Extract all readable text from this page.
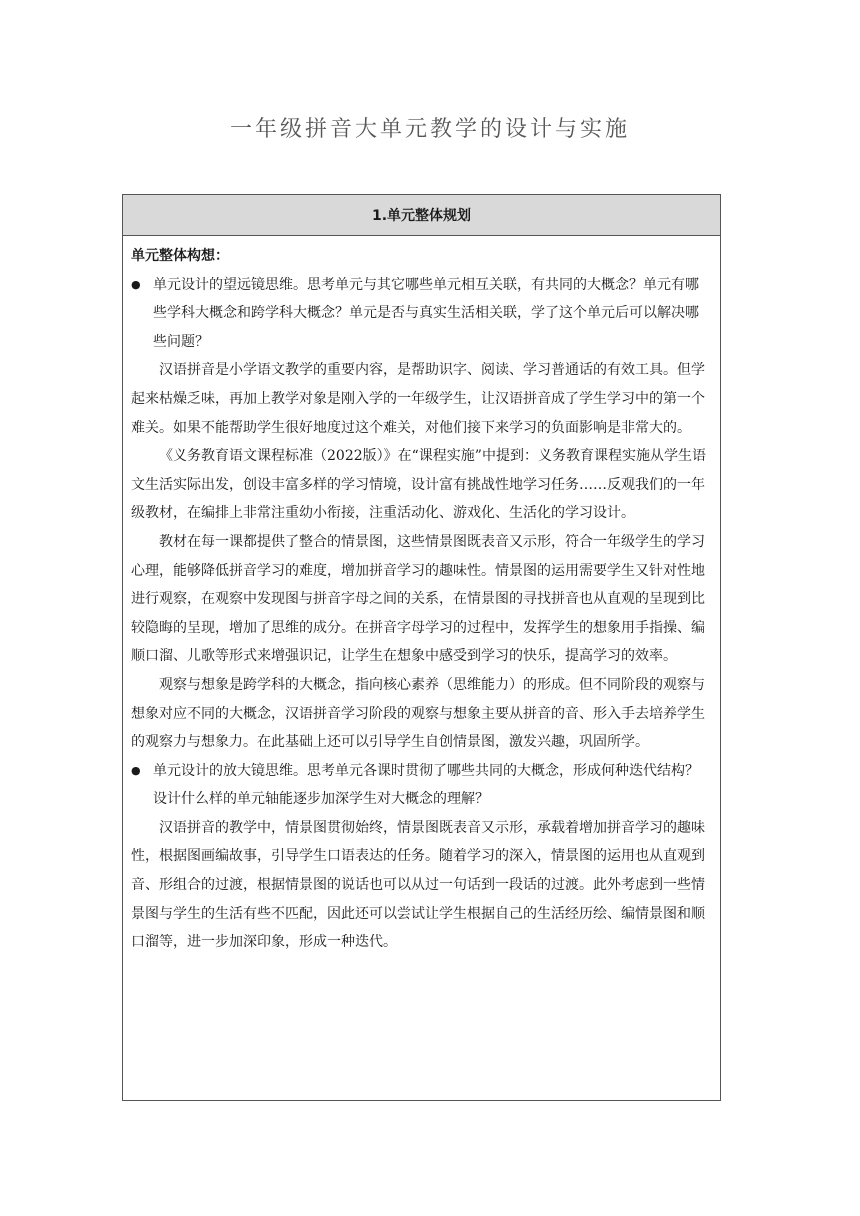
一年级拼音大单元教学的设计与实施
1.单元整体规划

单元整体构想：

● 单元设计的望远镜思维。思考单元与其它哪些单元相互关联，有共同的大概念？单元有哪些学科大概念和跨学科大概念？单元是否与真实生活相关联，学了这个单元后可以解决哪些问题？

汉语拼音是小学语文教学的重要内容，是帮助识字、阅读、学习普通话的有效工具。但学起来枯燥乏味，再加上教学对象是刚入学的一年级学生，让汉语拼音成了学生学习中的第一个难关。如果不能帮助学生很好地度过这个难关，对他们接下来学习的负面影响是非常大的。

《义务教育语文课程标准（2022版）》在“课程实施”中提到：义务教育课程实施从学生语文生活实际出发，创设丰富多样的学习情境，设计富有挑战性地学习任务……反观我们的一年级教材，在编排上非常注重幼小衔接，注重活动化、游戏化、生活化的学习设计。

教材在每一课都提供了整合的情景图，这些情景图既表音又示形，符合一年级学生的学习心理，能够降低拼音学习的难度，增加拼音学习的趣味性。情景图的运用需要学生又针对性地进行观察，在观察中发现图与拼音字母之间的关系，在情景图的寻找拼音也从直观的呈现到比较隐晦的呈现，增加了思维的成分。在拼音字母学习的过程中，发挥学生的想象用手指操、编顺口溜、儿歌等形式来增强识记，让学生在想象中感受到学习的快乐，提高学习的效率。

观察与想象是跨学科的大概念，指向核心素养（思维能力）的形成。但不同阶段的观察与想象对应不同的大概念，汉语拼音学习阶段的观察与想象主要从拼音的音、形入手去培养学生的观察力与想象力。在此基础上还可以引导学生自创情景图，激发兴趣，巩固所学。

● 单元设计的放大镜思维。思考单元各课时贯彻了哪些共同的大概念，形成何种迭代结构？设计什么样的单元轴能逐步加深学生对大概念的理解？

汉语拼音的教学中，情景图贯彻始终，情景图既表音又示形，承载着增加拼音学习的趣味性，根据图画编故事，引导学生口语表达的任务。随着学习的深入，情景图的运用也从直观到音、形组合的过渡，根据情景图的说话也可以从过一句话到一段话的过渡。此外考虑到一些情景图与学生的生活有些不匹配，因此还可以尝试让学生根据自己的生活经历绘、编情景图和顺口溜等，进一步加深印象，形成一种迭代。
